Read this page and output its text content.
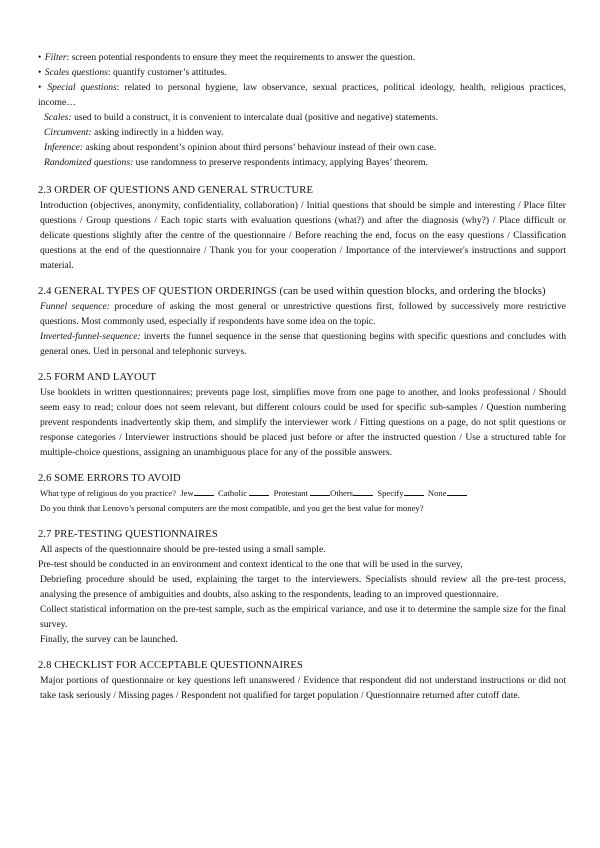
• Filter: screen potential respondents to ensure they meet the requirements to answer the question.

• Scales questions: quantify customer’s attitudes.

• Special questions: related to personal hygiene, law observance, sexual practices, political ideology, health, religious practices, income…

Scales: used to build a construct, it is convenient to intercalate dual (positive and negative) statements.

Circumvent: asking indirectly in a hidden way.

Inference: asking about respondent’s opinion about third persons’ behaviour instead of their own case.

Randomized questions: use randomness to preserve respondents intimacy, applying Bayes’ theorem.

2.3 ORDER OF QUESTIONS AND GENERAL STRUCTURE

Introduction (objectives, anonymity, confidentiality, collaboration) / Initial questions that should be simple and interesting / Place filter questions / Group questions / Each topic starts with evaluation questions (what?) and after the diagnosis (why?) / Place difficult or delicate questions slightly after the centre of the questionnaire / Before reaching the end, focus on the easy questions / Classification questions at the end of the questionnaire / Thank you for your cooperation / Importance of the interviewer's instructions and support material.

2.4 GENERAL TYPES OF QUESTION ORDERINGS (can be used within question blocks, and ordering the blocks)

Funnel sequence: procedure of asking the most general or unrestrictive questions first, followed by successively more restrictive questions. Most commonly used, especially if respondents have some idea on the topic.

Inverted-funnel-sequence: inverts the funnel sequence in the sense that questioning begins with specific questions and concludes with general ones. Ued in personal and telephonic surveys.

2.5 FORM AND LAYOUT

Use booklets in written questionnaires; prevents page lost, simplifies move from one page to another, and looks professional / Should seem easy to read; colour does not seem relevant, but different colours could be used for specific sub-samples / Question numbering prevent respondents inadvertently skip them, and simplify the interviewer work / Fitting questions on a page, do not split questions or response categories / Interviewer instructions should be placed just before or after the instructed question / Use a structured table for multiple-choice questions, assigning an unambiguous place for any of the possible answers.

2.6 SOME ERRORS TO AVOID

What type of religious do you practice? Jew	Catholic	Protestant	Others	Specify	None

Do you think that Lenovo’s personal computers are the most compatible, and you get the best value for money?

2.7 PRE-TESTING QUESTIONNAIRES

All aspects of the questionnaire should be pre-tested using a small sample.

Pre-test should be conducted in an environment and context identical to the one that will be used in the survey,

Debriefing procedure should be used, explaining the target to the interviewers. Specialists should review all the pre-test process, analysing the presence of ambiguities and doubts, also asking to the respondents, leading to an improved questionnaire.

Collect statistical information on the pre-test sample, such as the empirical variance, and use it to determine the sample size for the final survey.

Finally, the survey can be launched.

2.8 CHECKLIST FOR ACCEPTABLE QUESTIONNAIRES

Major portions of questionnaire or key questions left unanswered / Evidence that respondent did not understand instructions or did not take task seriously / Missing pages / Respondent not qualified for target population / Questionnaire returned after cutoff date.
